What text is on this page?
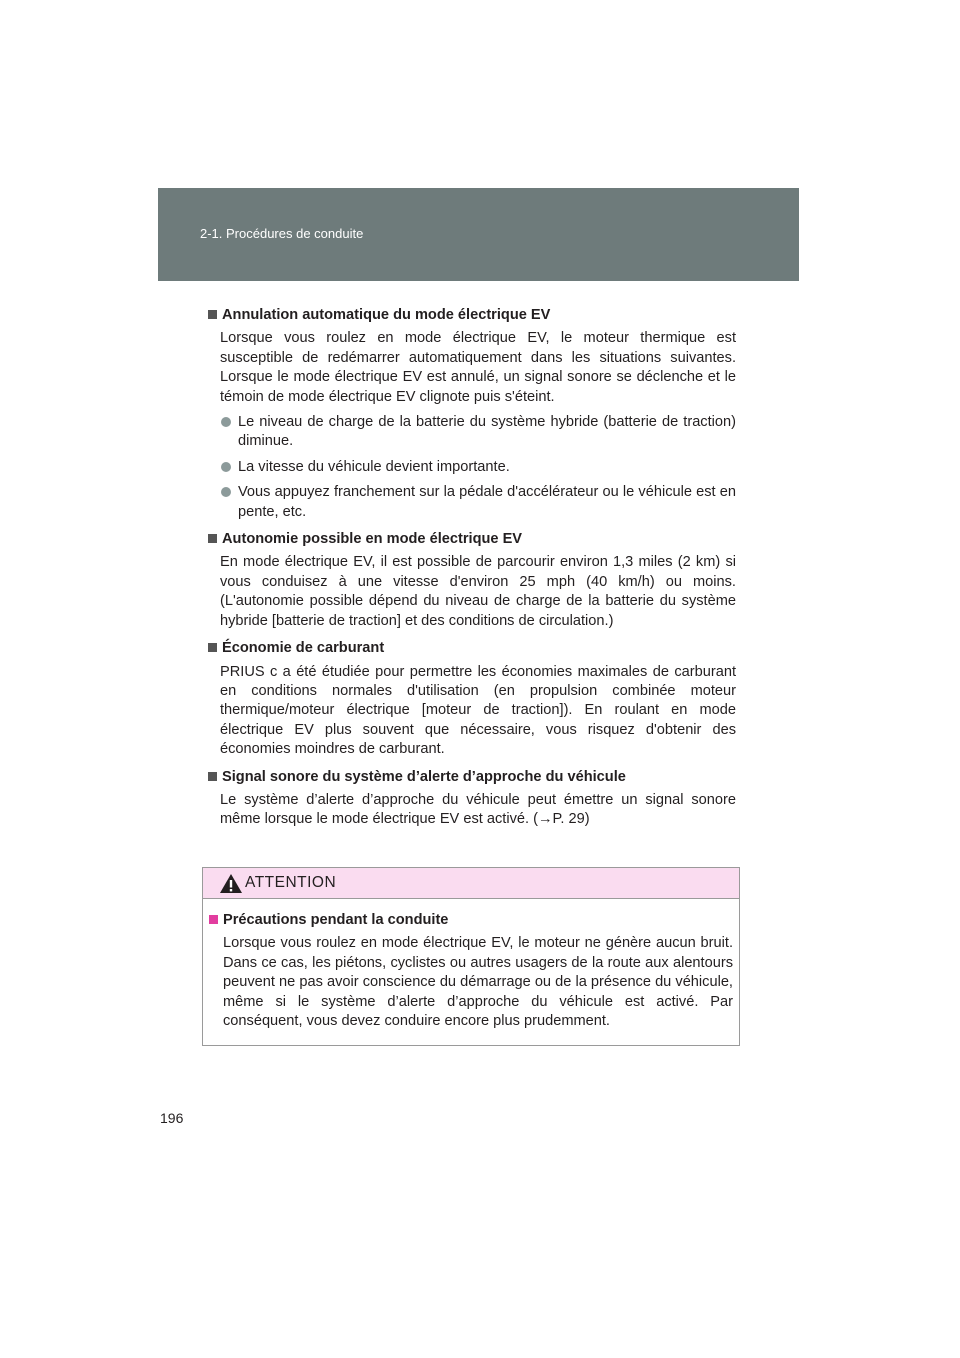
2-1. Procédures de conduite
Annulation automatique du mode électrique EV
Lorsque vous roulez en mode électrique EV, le moteur thermique est susceptible de redémarrer automatiquement dans les situations suivantes. Lorsque le mode électrique EV est annulé, un signal sonore se déclenche et le témoin de mode électrique EV clignote puis s'éteint.
Le niveau de charge de la batterie du système hybride (batterie de traction) diminue.
La vitesse du véhicule devient importante.
Vous appuyez franchement sur la pédale d'accélérateur ou le véhicule est en pente, etc.
Autonomie possible en mode électrique EV
En mode électrique EV, il est possible de parcourir environ 1,3 miles (2 km) si vous conduisez à une vitesse d'environ 25 mph (40 km/h) ou moins. (L'autonomie possible dépend du niveau de charge de la batterie du système hybride [batterie de traction] et des conditions de circulation.)
Économie de carburant
PRIUS c a été étudiée pour permettre les économies maximales de carburant en conditions normales d'utilisation (en propulsion combinée moteur thermique/moteur électrique [moteur de traction]). En roulant en mode électrique EV plus souvent que nécessaire, vous risquez d'obtenir des économies moindres de carburant.
Signal sonore du système d’alerte d’approche du véhicule
Le système d’alerte d’approche du véhicule peut émettre un signal sonore même lorsque le mode électrique EV est activé. (→P. 29)
ATTENTION
Précautions pendant la conduite
Lorsque vous roulez en mode électrique EV, le moteur ne génère aucun bruit. Dans ce cas, les piétons, cyclistes ou autres usagers de la route aux alentours peuvent ne pas avoir conscience du démarrage ou de la présence du véhicule, même si le système d’alerte d’approche du véhicule est activé. Par conséquent, vous devez conduire encore plus prudemment.
196
